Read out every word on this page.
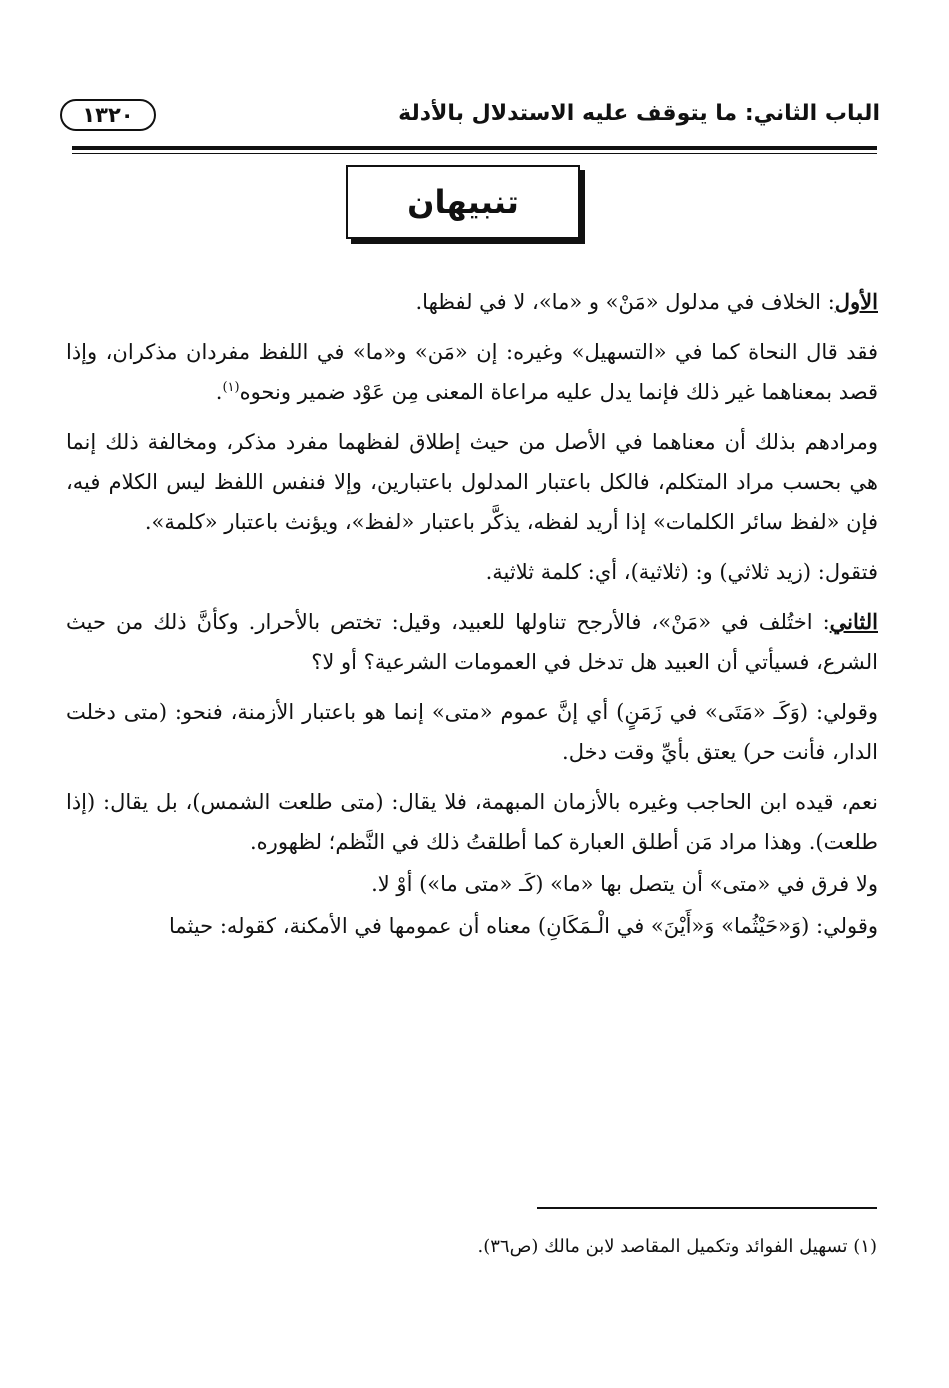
الباب الثاني: ما يتوقف عليه الاستدلال بالأدلة
١٣٢٠
تنبيهان

الأول: الخلاف في مدلول «مَنْ» و «ما»، لا في لفظها.

فقد قال النحاة كما في «التسهيل» وغيره: إن «مَن» و«ما» في اللفظ مفردان مذكران، وإذا قصد بمعناهما غير ذلك فإنما يدل عليه مراعاة المعنى مِن عَوْد ضمير ونحوه$^{(١)}$.

ومرادهم بذلك أن معناهما في الأصل من حيث إطلاق لفظهما مفرد مذكر، ومخالفة ذلك إنما هي بحسب مراد المتكلم، فالكل باعتبار المدلول باعتبارين، وإلا فنفس اللفظ ليس الكلام فيه، فإن «لفظ سائر الكلمات» إذا أريد لفظه، يذكَّر باعتبار «لفظ»، ويؤنث باعتبار «كلمة».

فتقول: (زيد ثلاثي) و: (ثلاثية)، أي: كلمة ثلاثية.

الثاني: اختُلف في «مَنْ»، فالأرجح تناولها للعبيد، وقيل: تختص بالأحرار. وكأنَّ ذلك من حيث الشرع، فسيأتي أن العبيد هل تدخل في العمومات الشرعية؟ أو لا؟

وقولي: (وَكَـ «مَتَى» في زَمَنٍ) أي إنَّ عموم «متى» إنما هو باعتبار الأزمنة، فنحو: (متى دخلت الدار، فأنت حر) يعتق بأيِّ وقت دخل.

نعم، قيده ابن الحاجب وغيره بالأزمان المبهمة، فلا يقال: (متى طلعت الشمس)، بل يقال: (إذا طلعت). وهذا مراد مَن أطلق العبارة كما أطلقتُ ذلك في النَّظم؛ لظهوره.

ولا فرق في «متى» أن يتصل بها «ما» (كَـ «متى ما») أوْ لا.

وقولي: (وَ«حَيْثُما» وَ«أَيْنَ» في الْـمَكَانِ) معناه أن عمومها في الأمكنة، كقوله: حيثما

(١) تسهيل الفوائد وتكميل المقاصد لابن مالك (ص٣٦).
